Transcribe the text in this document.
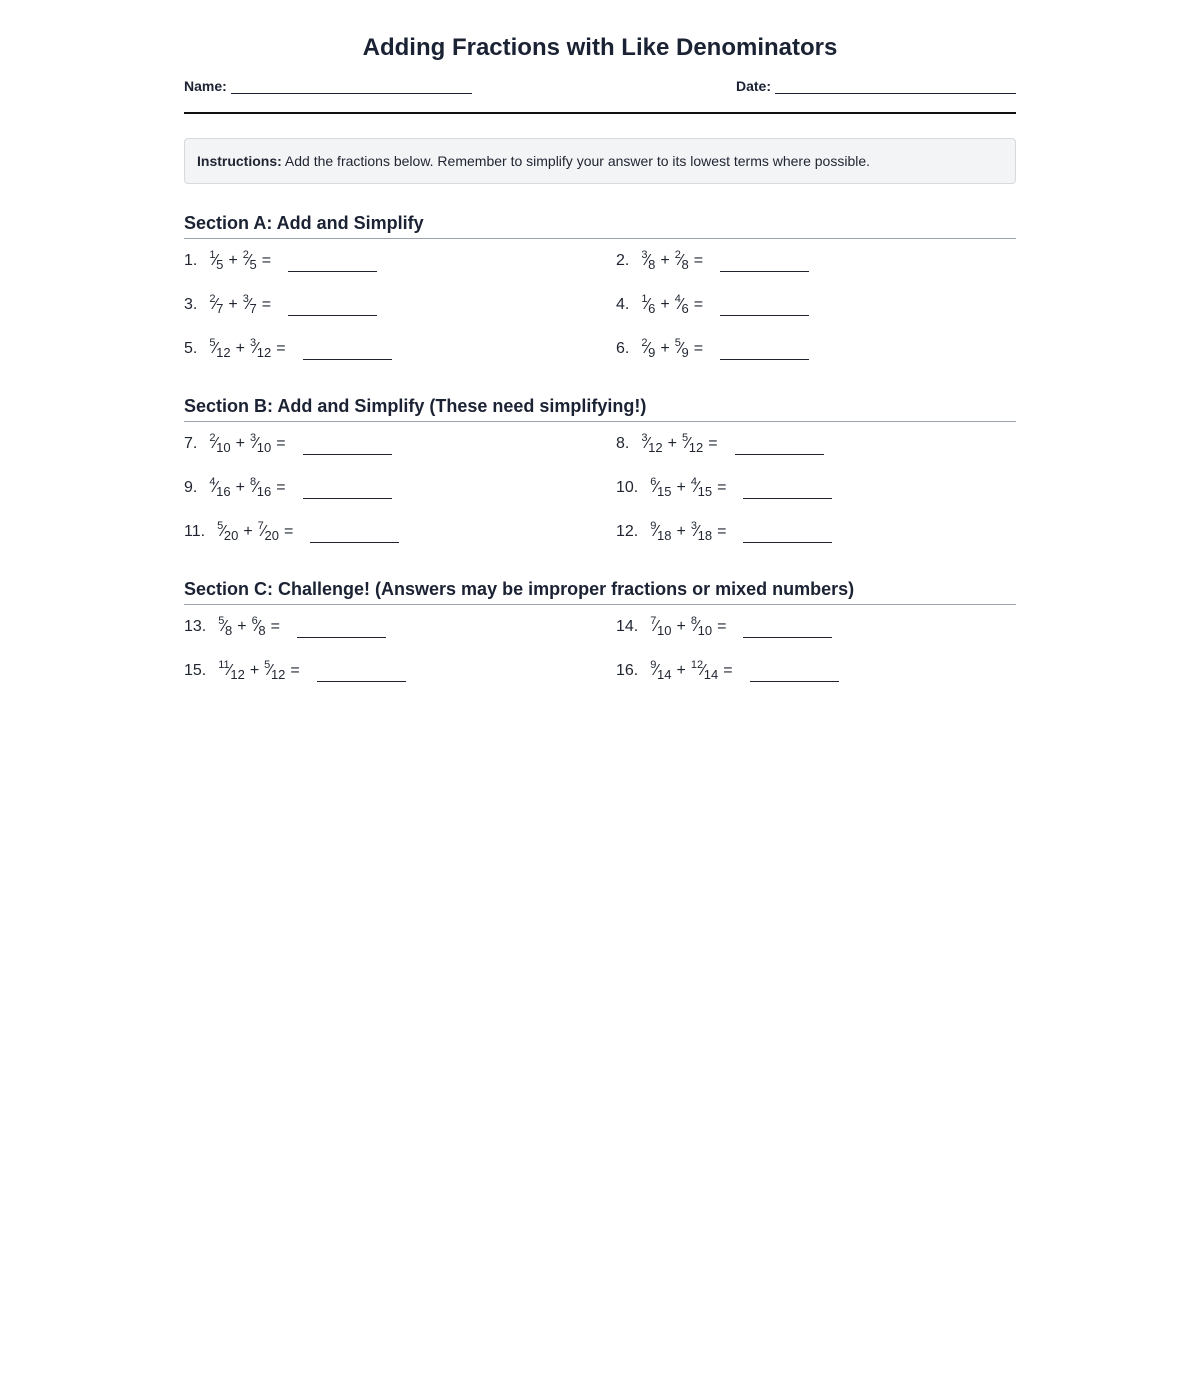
Adding Fractions with Like Denominators
Name:	Date:
Instructions: Add the fractions below. Remember to simplify your answer to its lowest terms where possible.
Section A: Add and Simplify
1. $^1⁄_5$ + $^2⁄_5$ =	2. $^3⁄_8$ + $^2⁄_8$ =
3. $^2⁄_7$ + $^3⁄_7$ =	4. $^1⁄_6$ + $^4⁄_6$ =
5. $^5⁄_{12}$ + $^3⁄_{12}$ =	6. $^2⁄_9$ + $^5⁄_9$ =
Section B: Add and Simplify (These need simplifying!)
7. $^2⁄_{10}$ + $^3⁄_{10}$ =	8. $^3⁄_{12}$ + $^5⁄_{12}$ =
9. $^4⁄_{16}$ + $^8⁄_{16}$ =	10. $^6⁄_{15}$ + $^4⁄_{15}$ =
11. $^5⁄_{20}$ + $^7⁄_{20}$ =	12. $^9⁄_{18}$ + $^3⁄_{18}$ =
Section C: Challenge! (Answers may be improper fractions or mixed numbers)
13. $^5⁄_8$ + $^6⁄_8$ =	14. $^7⁄_{10}$ + $^8⁄_{10}$ =
15. $^{11}⁄_{12}$ + $^5⁄_{12}$ =	16. $^9⁄_{14}$ + $^{12}⁄_{14}$ =
